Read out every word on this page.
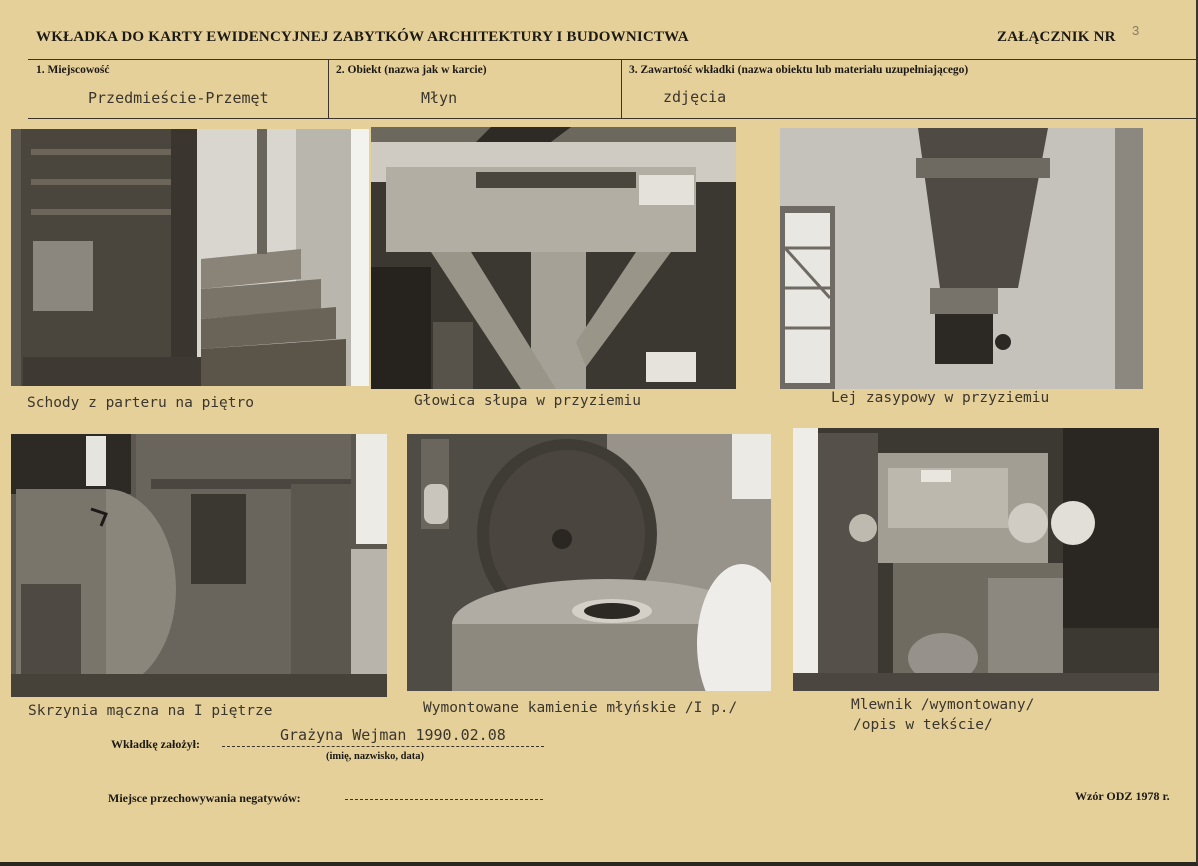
WKŁADKA DO KARTY EWIDENCYJNEJ ZABYTKÓW ARCHITEKTURY I BUDOWNICTWA	ZAŁĄCZNIK NR 3
1. Miejscowość	2. Obiekt (nazwa jak w karcie)	3. Zawartość wkładki (nazwa obiektu lub materiału uzupełniającego)
Przedmieście-Przemęt	Młyn	zdjęcia
Schody z parteru na piętro	Głowica słupa w przyziemiu	Lej zasypowy w przyziemiu
Skrzynia mączna na I piętrze	Wymontowane kamienie młyńskie /I p./	Mlewnik /wymontowany/
/opis w tekście/
Wkładkę założył:	Grażyna Wejman 1990.02.08
(imię, nazwisko, data)
Miejsce przechowywania negatywów:	Wzór ODZ 1978 r.
